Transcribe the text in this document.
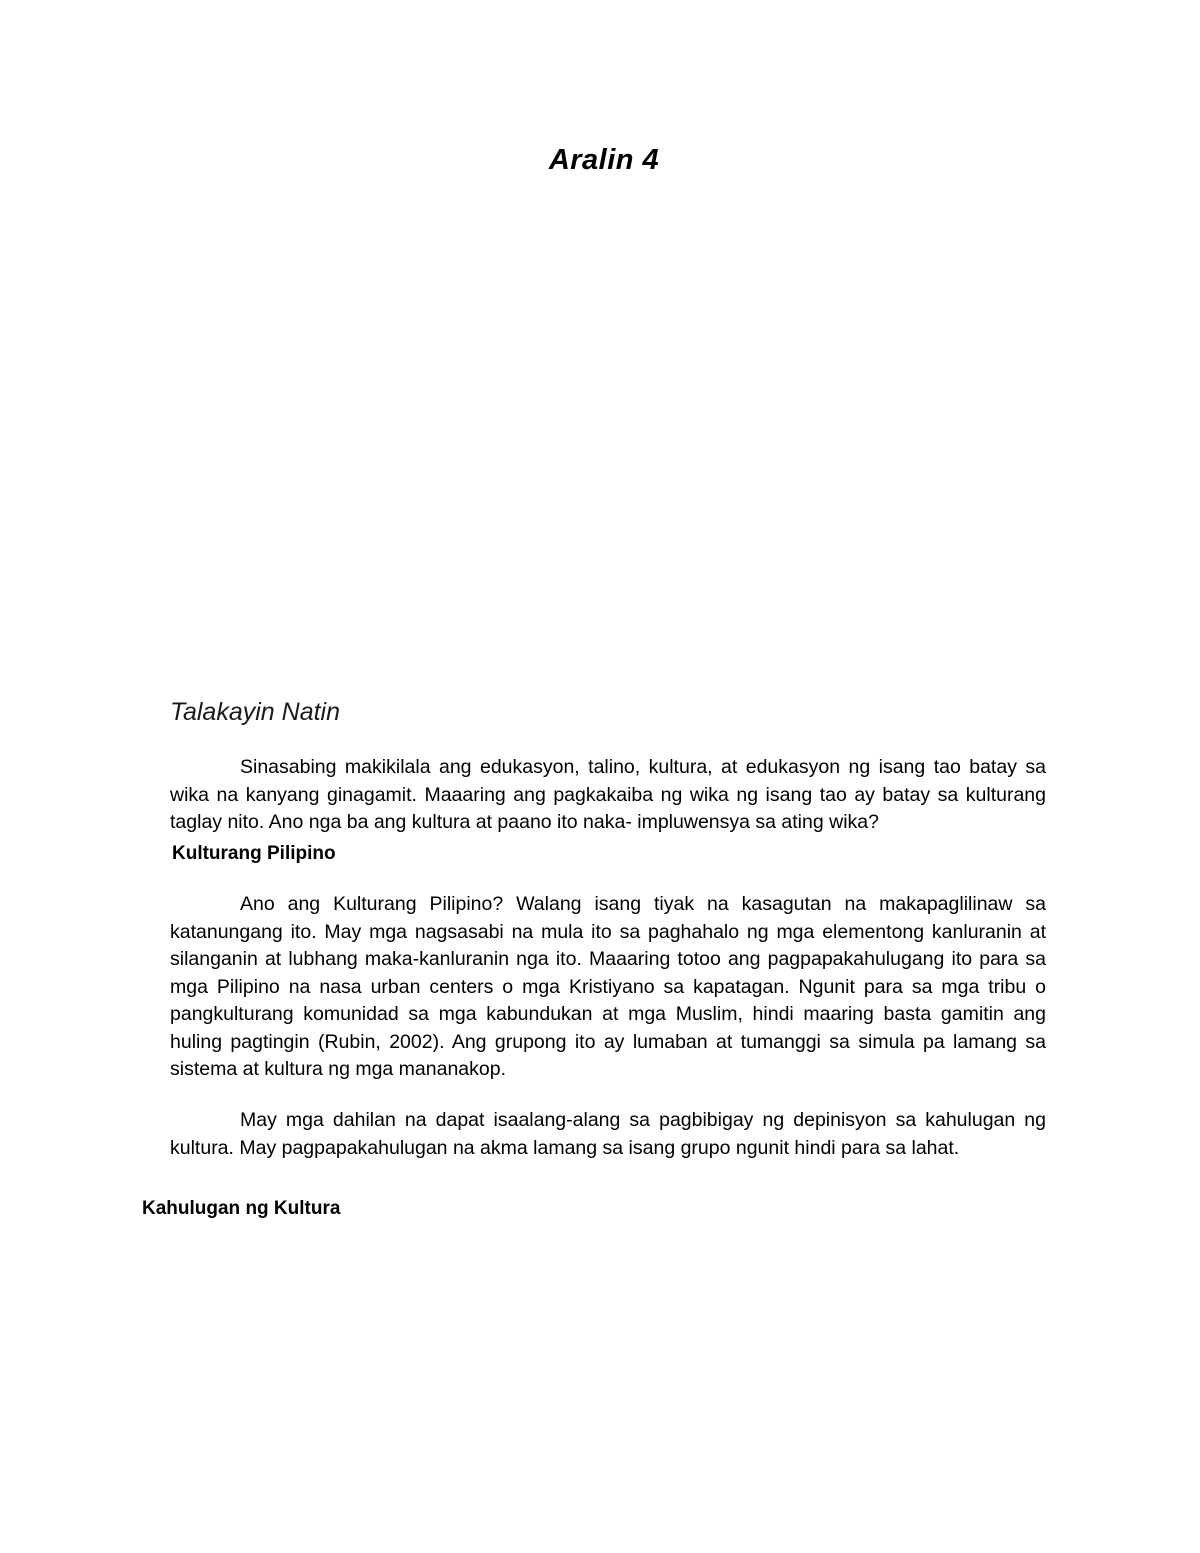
Aralin 4
Talakayin Natin

Sinasabing makikilala ang edukasyon, talino, kultura, at edukasyon ng isang tao batay sa wika na kanyang ginagamit. Maaaring ang pagkakaiba ng wika ng isang tao ay batay sa kulturang taglay nito. Ano nga ba ang kultura at paano ito naka- impluwensya sa ating wika?

Kulturang Pilipino

Ano ang Kulturang Pilipino? Walang isang tiyak na kasagutan na makapaglilinaw sa katanungang ito. May mga nagsasabi na mula ito sa paghahalo ng mga elementong kanluranin at silanganin at lubhang maka-kanluranin nga ito. Maaaring totoo ang pagpapakahulugang ito para sa mga Pilipino na nasa urban centers o mga Kristiyano sa kapatagan. Ngunit para sa mga tribu o pangkulturang komunidad sa mga kabundukan at mga Muslim, hindi maaring basta gamitin ang huling pagtingin (Rubin, 2002). Ang grupong ito ay lumaban at tumanggi sa simula pa lamang sa sistema at kultura ng mga mananakop.

May mga dahilan na dapat isaalang-alang sa pagbibigay ng depinisyon sa kahulugan ng kultura. May pagpapakahulugan na akma lamang sa isang grupo ngunit hindi para sa lahat.

Kahulugan ng Kultura
